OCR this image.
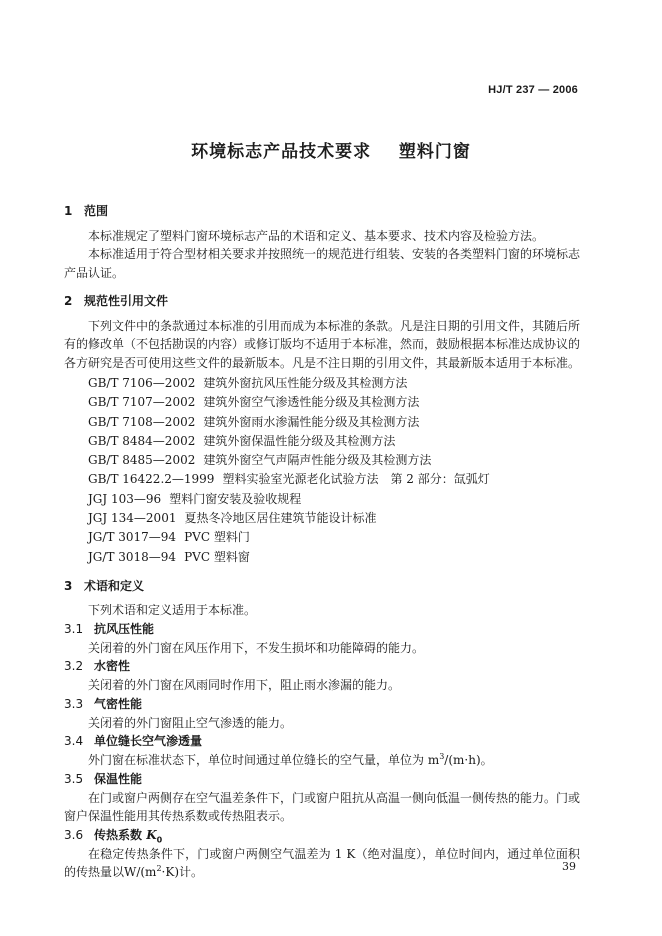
HJ/T 237 — 2006
环境标志产品技术要求    塑料门窗
1 范围

本标准规定了塑料门窗环境标志产品的术语和定义、基本要求、技术内容及检验方法。

本标准适用于符合型材相关要求并按照统一的规范进行组装、安装的各类塑料门窗的环境标志产品认证。

2 规范性引用文件

下列文件中的条款通过本标准的引用而成为本标准的条款。凡是注日期的引用文件，其随后所有的修改单（不包括勘误的内容）或修订版均不适用于本标准，然而，鼓励根据本标准达成协议的各方研究是否可使用这些文件的最新版本。凡是不注日期的引用文件，其最新版本适用于本标准。

GB/T 7106—2002 建筑外窗抗风压性能分级及其检测方法
GB/T 7107—2002 建筑外窗空气渗透性能分级及其检测方法
GB/T 7108—2002 建筑外窗雨水渗漏性能分级及其检测方法
GB/T 8484—2002 建筑外窗保温性能分级及其检测方法
GB/T 8485—2002 建筑外窗空气声隔声性能分级及其检测方法
GB/T 16422.2—1999 塑料实验室光源老化试验方法　第 2 部分：氙弧灯
JGJ 103—96 塑料门窗安装及验收规程
JGJ 134—2001 夏热冬冷地区居住建筑节能设计标准
JG/T 3017—94 PVC 塑料门
JG/T 3018—94 PVC 塑料窗
3 术语和定义

下列术语和定义适用于本标准。

3.1 抗风压性能

关闭着的外门窗在风压作用下，不发生损坏和功能障碍的能力。

3.2 水密性

关闭着的外门窗在风雨同时作用下，阻止雨水渗漏的能力。

3.3 气密性能

关闭着的外门窗阻止空气渗透的能力。

3.4 单位缝长空气渗透量

外门窗在标准状态下，单位时间通过单位缝长的空气量，单位为 $m^3/(m\cdot h)$。

3.5 保温性能

在门或窗户两侧存在空气温差条件下，门或窗户阻抗从高温一侧向低温一侧传热的能力。门或窗户保温性能用其传热系数或传热阻表示。

3.6 传热系数 $K_0$

在稳定传热条件下，门或窗户两侧空气温差为 1 K（绝对温度），单位时间内，通过单位面积的传热量以$W/(m^2\cdot K)$计。	39
